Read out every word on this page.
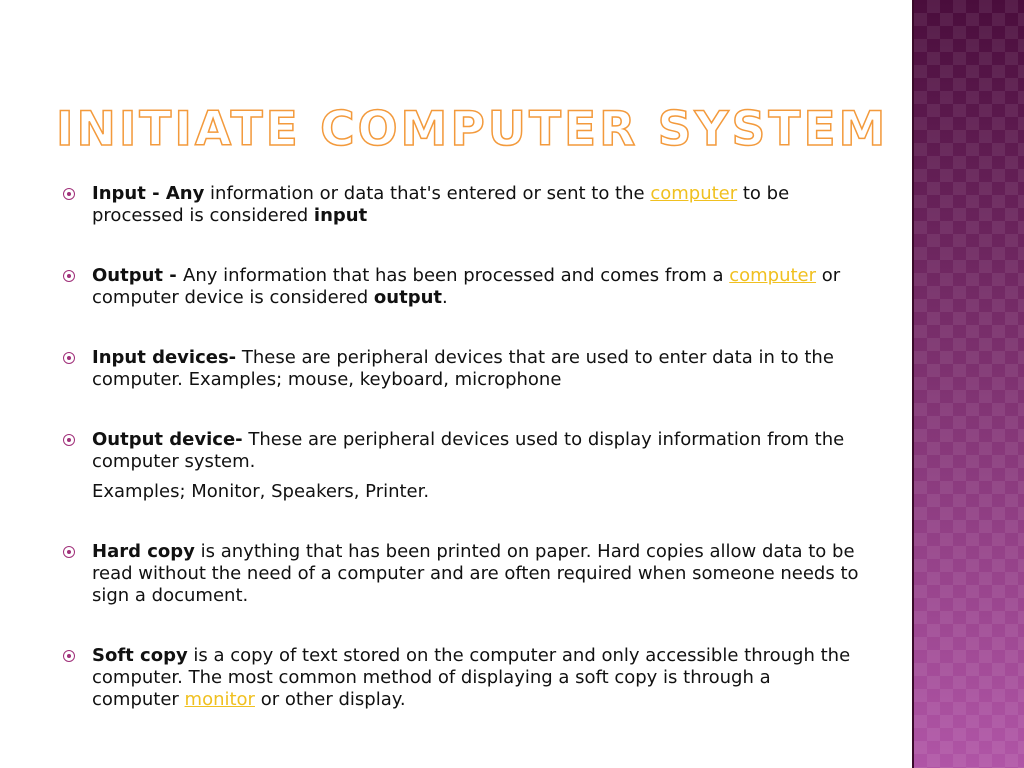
INITIATE COMPUTER SYSTEM
Input - Any information or data that's entered or sent to the computer to be processed is considered input
Output - Any information that has been processed and comes from a computer or computer device is considered output.
Input devices- These are peripheral devices that are used to enter data in to the computer. Examples; mouse, keyboard, microphone
Output device- These are peripheral devices used to display information from the computer system.
Examples; Monitor, Speakers, Printer.
Hard copy is anything that has been printed on paper. Hard copies allow data to be read without the need of a computer and are often required when someone needs to sign a document.
Soft copy is a copy of text stored on the computer and only accessible through the computer. The most common method of displaying a soft copy is through a computer monitor or other display.
